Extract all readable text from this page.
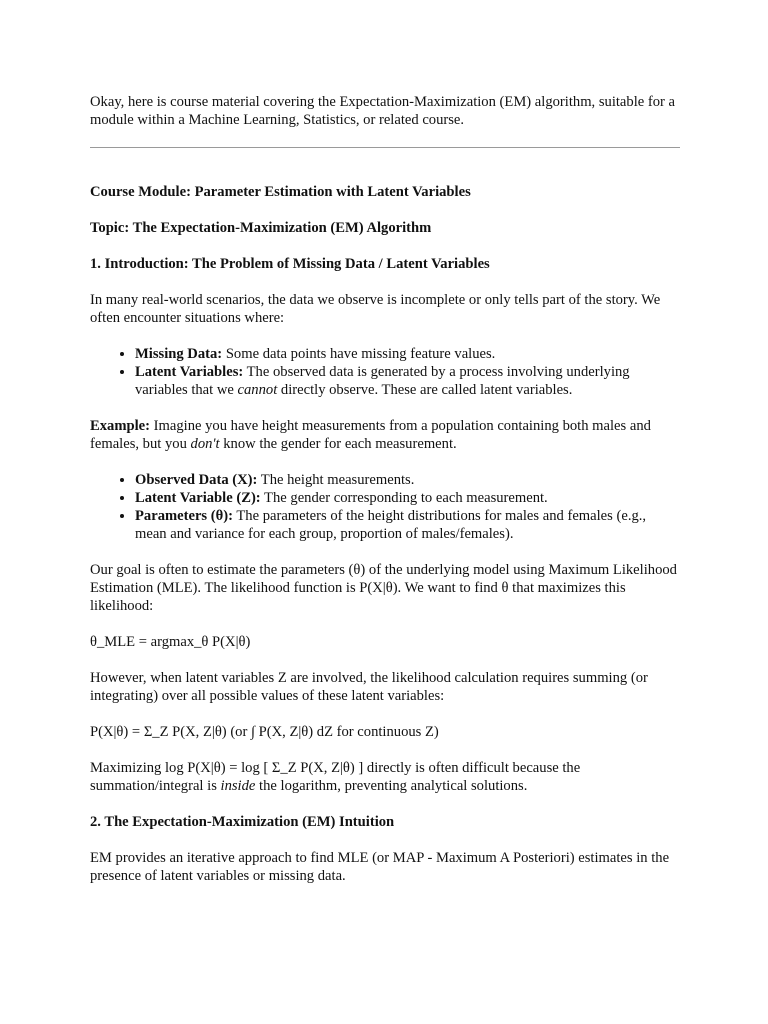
Okay, here is course material covering the Expectation-Maximization (EM) algorithm, suitable for a module within a Machine Learning, Statistics, or related course.

Course Module: Parameter Estimation with Latent Variables

Topic: The Expectation-Maximization (EM) Algorithm

1. Introduction: The Problem of Missing Data / Latent Variables

In many real-world scenarios, the data we observe is incomplete or only tells part of the story. We often encounter situations where:

• Missing Data: Some data points have missing feature values.
• Latent Variables: The observed data is generated by a process involving underlying variables that we cannot directly observe. These are called latent variables.

Example: Imagine you have height measurements from a population containing both males and females, but you don't know the gender for each measurement.

• Observed Data (X): The height measurements.
• Latent Variable (Z): The gender corresponding to each measurement.
• Parameters (θ): The parameters of the height distributions for males and females (e.g., mean and variance for each group, proportion of males/females).

Our goal is often to estimate the parameters (θ) of the underlying model using Maximum Likelihood Estimation (MLE). The likelihood function is P(X|θ). We want to find θ that maximizes this likelihood:

θ_MLE = argmax_θ P(X|θ)

However, when latent variables Z are involved, the likelihood calculation requires summing (or integrating) over all possible values of these latent variables:

P(X|θ) = Σ_Z P(X, Z|θ) (or ∫ P(X, Z|θ) dZ for continuous Z)

Maximizing log P(X|θ) = log [ Σ_Z P(X, Z|θ) ] directly is often difficult because the summation/integral is inside the logarithm, preventing analytical solutions.

2. The Expectation-Maximization (EM) Intuition

EM provides an iterative approach to find MLE (or MAP - Maximum A Posteriori) estimates in the presence of latent variables or missing data.
